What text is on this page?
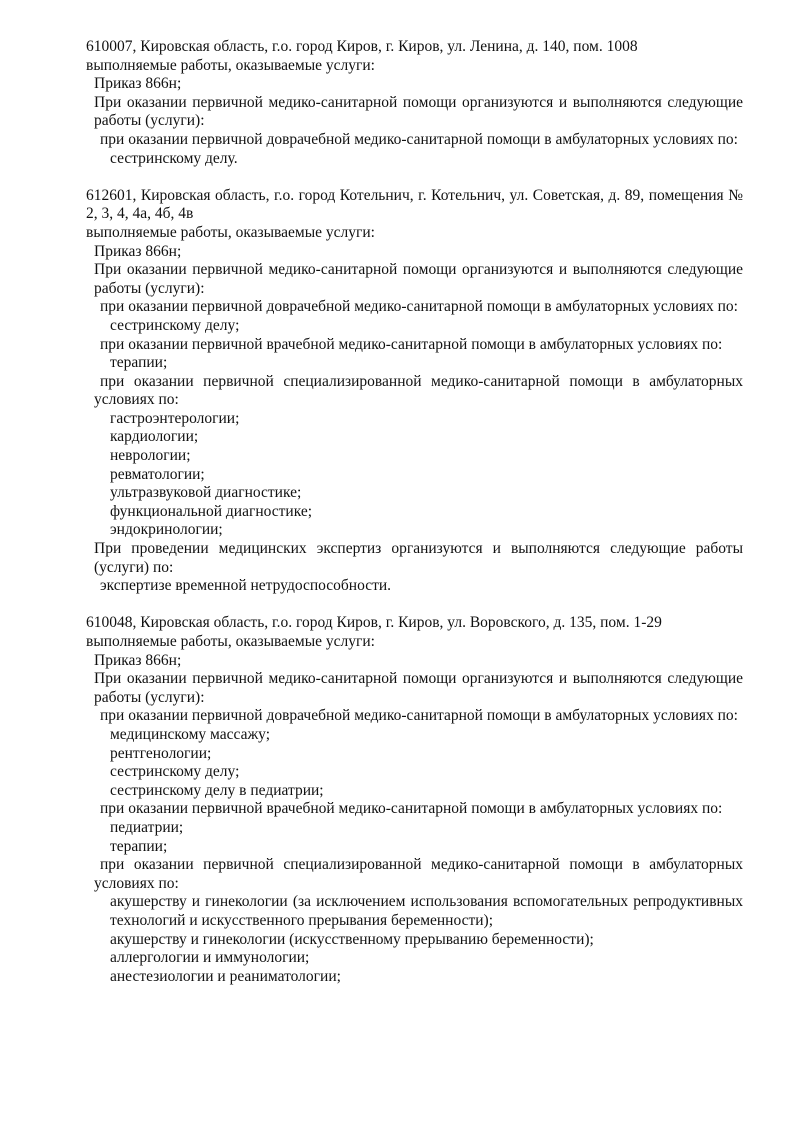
610007, Кировская область, г.о. город Киров, г. Киров, ул. Ленина, д. 140, пом. 1008

выполняемые работы, оказываемые услуги:

Приказ 866н;

При оказании первичной медико-санитарной помощи организуются и выполняются следующие работы (услуги):

при оказании первичной доврачебной медико-санитарной помощи в амбулаторных условиях по:

сестринскому делу.

612601, Кировская область, г.о. город Котельнич, г. Котельнич, ул. Советская, д. 89, помещения № 2, 3, 4, 4а, 4б, 4в

выполняемые работы, оказываемые услуги:

Приказ 866н;

При оказании первичной медико-санитарной помощи организуются и выполняются следующие работы (услуги):

при оказании первичной доврачебной медико-санитарной помощи в амбулаторных условиях по:

сестринскому делу;

при оказании первичной врачебной медико-санитарной помощи в амбулаторных условиях по:

терапии;

при оказании первичной специализированной медико-санитарной помощи в амбулаторных условиях по:

гастроэнтерологии;

кардиологии;

неврологии;

ревматологии;

ультразвуковой диагностике;

функциональной диагностике;

эндокринологии;

При проведении медицинских экспертиз организуются и выполняются следующие работы (услуги) по:

экспертизе временной нетрудоспособности.

610048, Кировская область, г.о. город Киров, г. Киров, ул. Воровского, д. 135, пом. 1-29

выполняемые работы, оказываемые услуги:

Приказ 866н;

При оказании первичной медико-санитарной помощи организуются и выполняются следующие работы (услуги):

при оказании первичной доврачебной медико-санитарной помощи в амбулаторных условиях по:

медицинскому массажу;

рентгенологии;

сестринскому делу;

сестринскому делу в педиатрии;

при оказании первичной врачебной медико-санитарной помощи в амбулаторных условиях по:

педиатрии;

терапии;

при оказании первичной специализированной медико-санитарной помощи в амбулаторных условиях по:

акушерству и гинекологии (за исключением использования вспомогательных репродуктивных технологий и искусственного прерывания беременности);

акушерству и гинекологии (искусственному прерыванию беременности);

аллергологии и иммунологии;

анестезиологии и реаниматологии;
